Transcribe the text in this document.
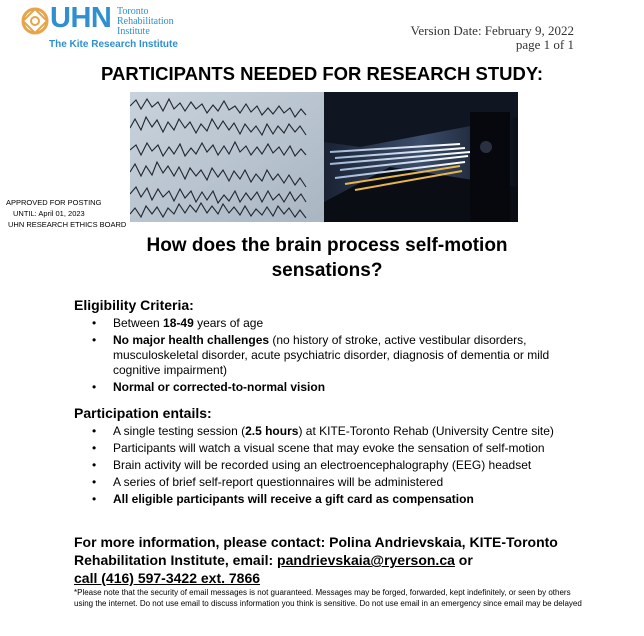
UHN Toronto Rehabilitation Institute
The Kite Research Institute
Version Date: February 9, 2022
page 1 of 1
PARTICIPANTS NEEDED FOR RESEARCH STUDY:
APPROVED FOR POSTING
UNTIL: April 01, 2023
UHN RESEARCH ETHICS BOARD
How does the brain process self-motion
sensations?
Eligibility Criteria:
• Between 18-49 years of age
• No major health challenges (no history of stroke, active vestibular disorders, musculoskeletal disorder, acute psychiatric disorder, diagnosis of dementia or mild cognitive impairment)
• Normal or corrected-to-normal vision
Participation entails:
• A single testing session (2.5 hours) at KITE-Toronto Rehab (University Centre site)
• Participants will watch a visual scene that may evoke the sensation of self-motion
• Brain activity will be recorded using an electroencephalography (EEG) headset
• A series of brief self-report questionnaires will be administered
• All eligible participants will receive a gift card as compensation
For more information, please contact: Polina Andrievskaia, KITE-Toronto Rehabilitation Institute, email: pandrievskaia@ryerson.ca or
call (416) 597-3422 ext. 7866
*Please note that the security of email messages is not guaranteed. Messages may be forged, forwarded, kept indefinitely, or seen by others using the internet. Do not use email to discuss information you think is sensitive. Do not use email in an emergency since email may be delayed
